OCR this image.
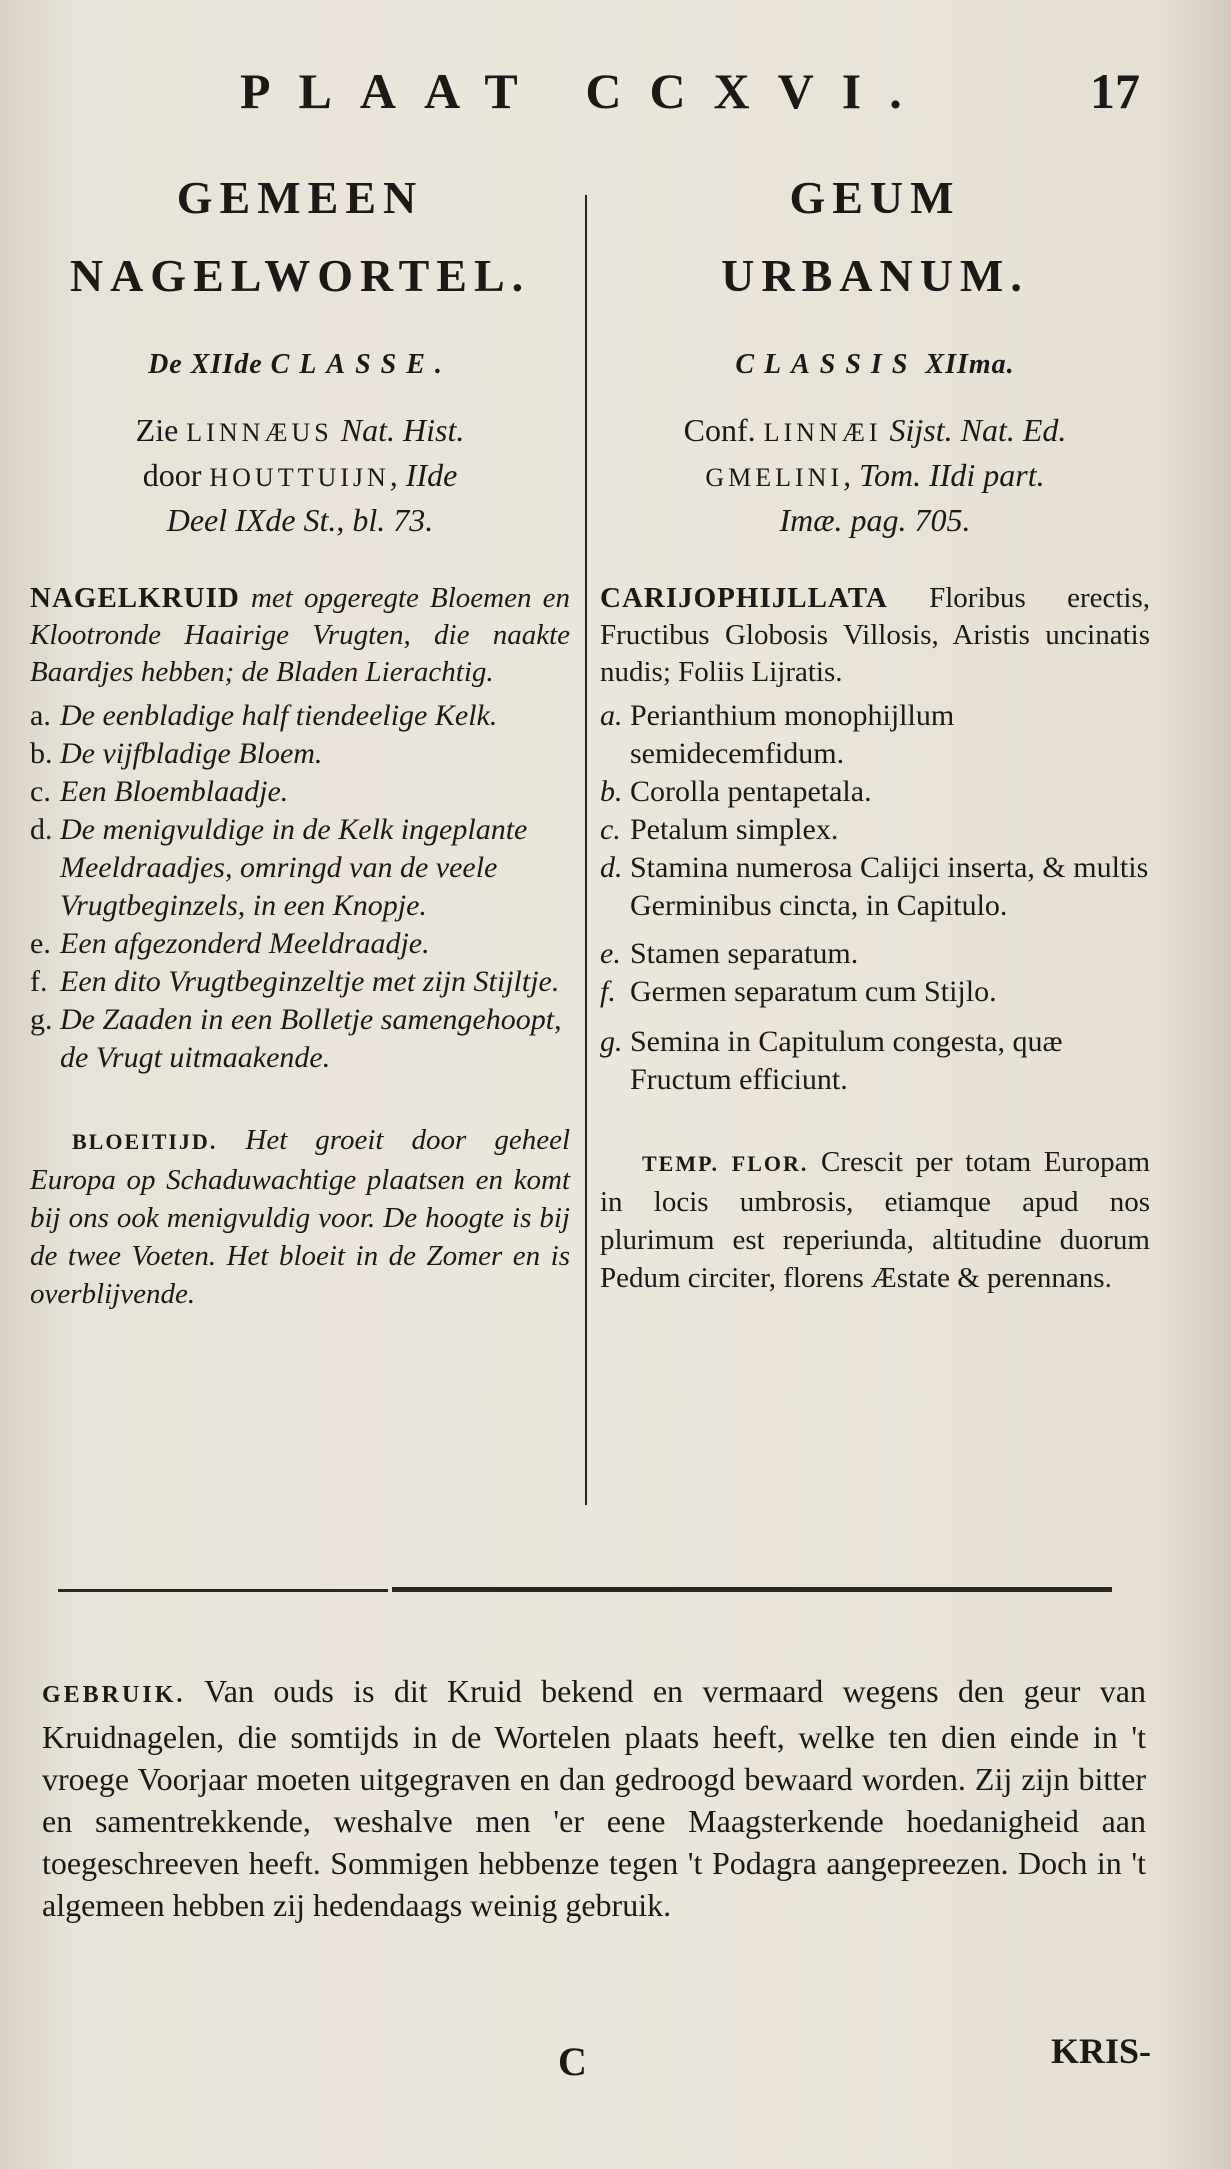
PLAAT CCXVI.	17
GEMEEN
NAGELWORTEL.
De XIIde CLASSE.
Zie LINNÆUS Nat. Hist.
door HOUTTUIJN, IIde
Deel IXde St., bl. 73.
NAGELKRUID met opgeregte Bloemen en Klootronde Haairige Vrugten, die naakte Baardjes hebben; de Bladen Lierachtig.
a. De eenbladige half tiendeelige Kelk.
b. De vijfbladige Bloem.
c. Een Bloemblaadje.
d. De menigvuldige in de Kelk ingeplante Meeldraadjes, omringd van de veele Vrugtbeginzels, in een Knopje.
e. Een afgezonderd Meeldraadje.
f. Een dito Vrugtbeginzeltje met zijn Stijltje.
g. De Zaaden in een Bolletje samengehoopt, de Vrugt uitmaakende.
BLOEITIJD. Het groeit door geheel Europa op Schaduwachtige plaatsen en komt bij ons ook menigvuldig voor. De hoogte is bij de twee Voeten. Het bloeit in de Zomer en is overblijvende.
GEUM
URBANUM.
CLASSIS XIIma.
Conf. LINNÆI Sijst. Nat. Ed.
GMELINI, Tom. IIdi part.
Imæ. pag. 705.
CARIJOPHIJLLATA Floribus erectis, Fructibus Globosis Villosis, Aristis uncinatis nudis; Foliis Lijratis.
a. Perianthium monophijllum semidecemfidum.
b. Corolla pentapetala.
c. Petalum simplex.
d. Stamina numerosa Calijci inserta, & multis Germinibus cincta, in Capitulo.
e. Stamen separatum.
f. Germen separatum cum Stijlo.
g. Semina in Capitulum congesta, quæ Fructum efficiunt.
TEMP. FLOR. Crescit per totam Europam in locis umbrosis, etiamque apud nos plurimum est reperiunda, altitudine duorum Pedum circiter, florens Æstate & perennans.
GEBRUIK. Van ouds is dit Kruid bekend en vermaard wegens den geur van Kruidnagelen, die somtijds in de Wortelen plaats heeft, welke ten dien einde in 't vroege Voorjaar moeten uitgegraven en dan gedroogd bewaard worden. Zij zijn bitter en samentrekkende, weshalve men 'er eene Maagsterkende hoedanigheid aan toegeschreeven heeft. Sommigen hebbenze tegen 't Podagra aangepreezen. Doch in 't algemeen hebben zij hedendaags weinig gebruik.
C	KRIS-
